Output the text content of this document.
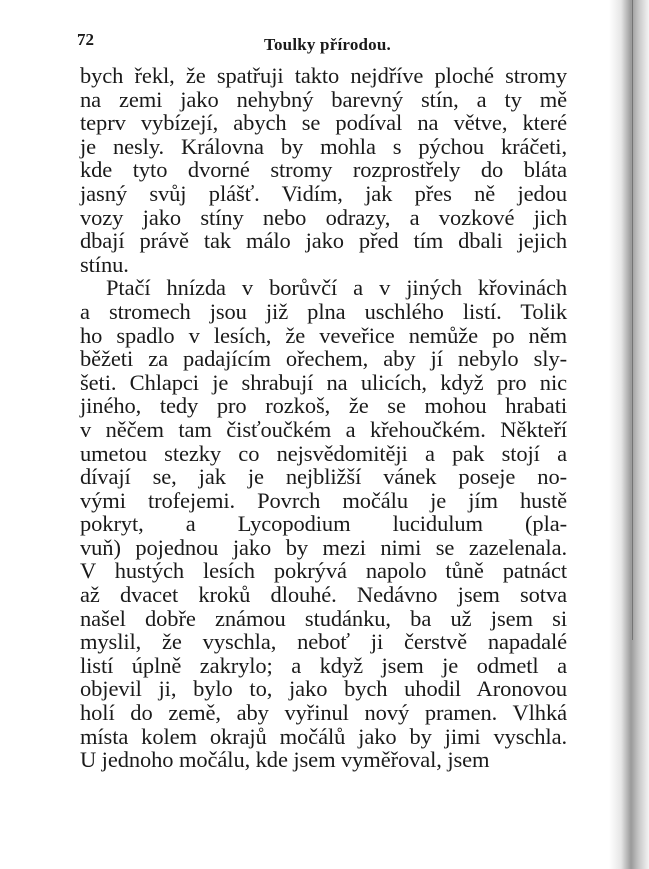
72	Toulky přírodou.
bych řekl, že spatřuji takto nejdříve ploché stromy
na zemi jako nehybný barevný stín, a ty mě
teprv vybízejí, abych se podíval na větve, které
je nesly. Královna by mohla s pýchou kráčeti,
kde tyto dvorné stromy rozprostřely do bláta
jasný svůj plášť. Vidím, jak přes ně jedou
vozy jako stíny nebo odrazy, a vozkové jich
dbají právě tak málo jako před tím dbali jejich
stínu.
Ptačí hnízda v borůvčí a v jiných křovinách
a stromech jsou již plna uschlého listí. Tolik
ho spadlo v lesích, že veveřice nemůže po něm
běžeti za padajícím ořechem, aby jí nebylo sly-
šeti. Chlapci je shrabují na ulicích, když pro nic
jiného, tedy pro rozkoš, že se mohou hrabati
v něčem tam čisťoučkém a křehoučkém. Někteří
umetou stezky co nejsvědomitěji a pak stojí a
dívají se, jak je nejbližší vánek poseje no-
vými trofejemi. Povrch močálu je jím hustě
pokryt, a Lycopodium lucidulum (pla-
vuň) pojednou jako by mezi nimi se zazelenala.
V hustých lesích pokrývá napolo tůně patnáct
až dvacet kroků dlouhé. Nedávno jsem sotva
našel dobře známou studánku, ba už jsem si
myslil, že vyschla, neboť ji čerstvě napadalé
listí úplně zakrylo; a když jsem je odmetl a
objevil ji, bylo to, jako bych uhodil Aronovou
holí do země, aby vyřinul nový pramen. Vlhká
místa kolem okrajů močálů jako by jimi vyschla.
U jednoho močálu, kde jsem vyměřoval, jsem
